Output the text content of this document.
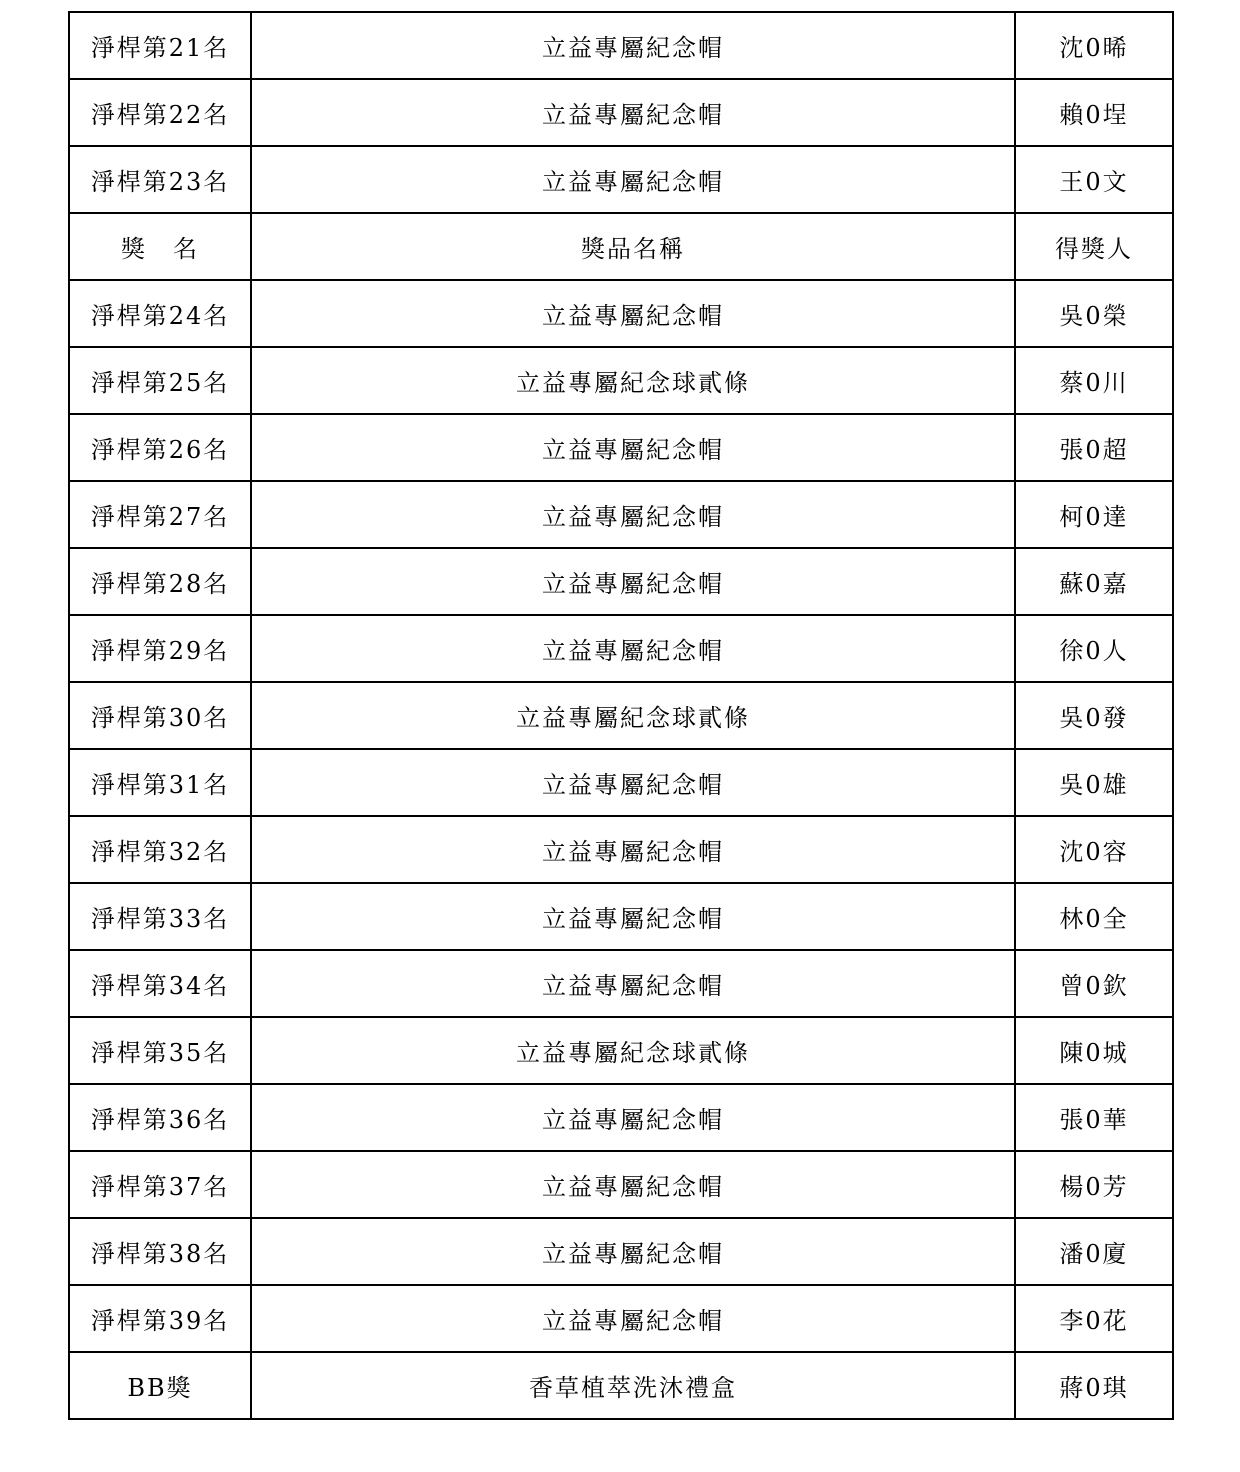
淨桿第21名	立益專屬紀念帽	沈0晞
淨桿第22名	立益專屬紀念帽	賴0埕
淨桿第23名	立益專屬紀念帽	王0文
獎　名	獎品名稱	得獎人
淨桿第24名	立益專屬紀念帽	吳0榮
淨桿第25名	立益專屬紀念球貳條	蔡0川
淨桿第26名	立益專屬紀念帽	張0超
淨桿第27名	立益專屬紀念帽	柯0達
淨桿第28名	立益專屬紀念帽	蘇0嘉
淨桿第29名	立益專屬紀念帽	徐0人
淨桿第30名	立益專屬紀念球貳條	吳0發
淨桿第31名	立益專屬紀念帽	吳0雄
淨桿第32名	立益專屬紀念帽	沈0容
淨桿第33名	立益專屬紀念帽	林0全
淨桿第34名	立益專屬紀念帽	曾0欽
淨桿第35名	立益專屬紀念球貳條	陳0城
淨桿第36名	立益專屬紀念帽	張0華
淨桿第37名	立益專屬紀念帽	楊0芳
淨桿第38名	立益專屬紀念帽	潘0廈
淨桿第39名	立益專屬紀念帽	李0花
BB獎	香草植萃洗沐禮盒	蔣0琪
